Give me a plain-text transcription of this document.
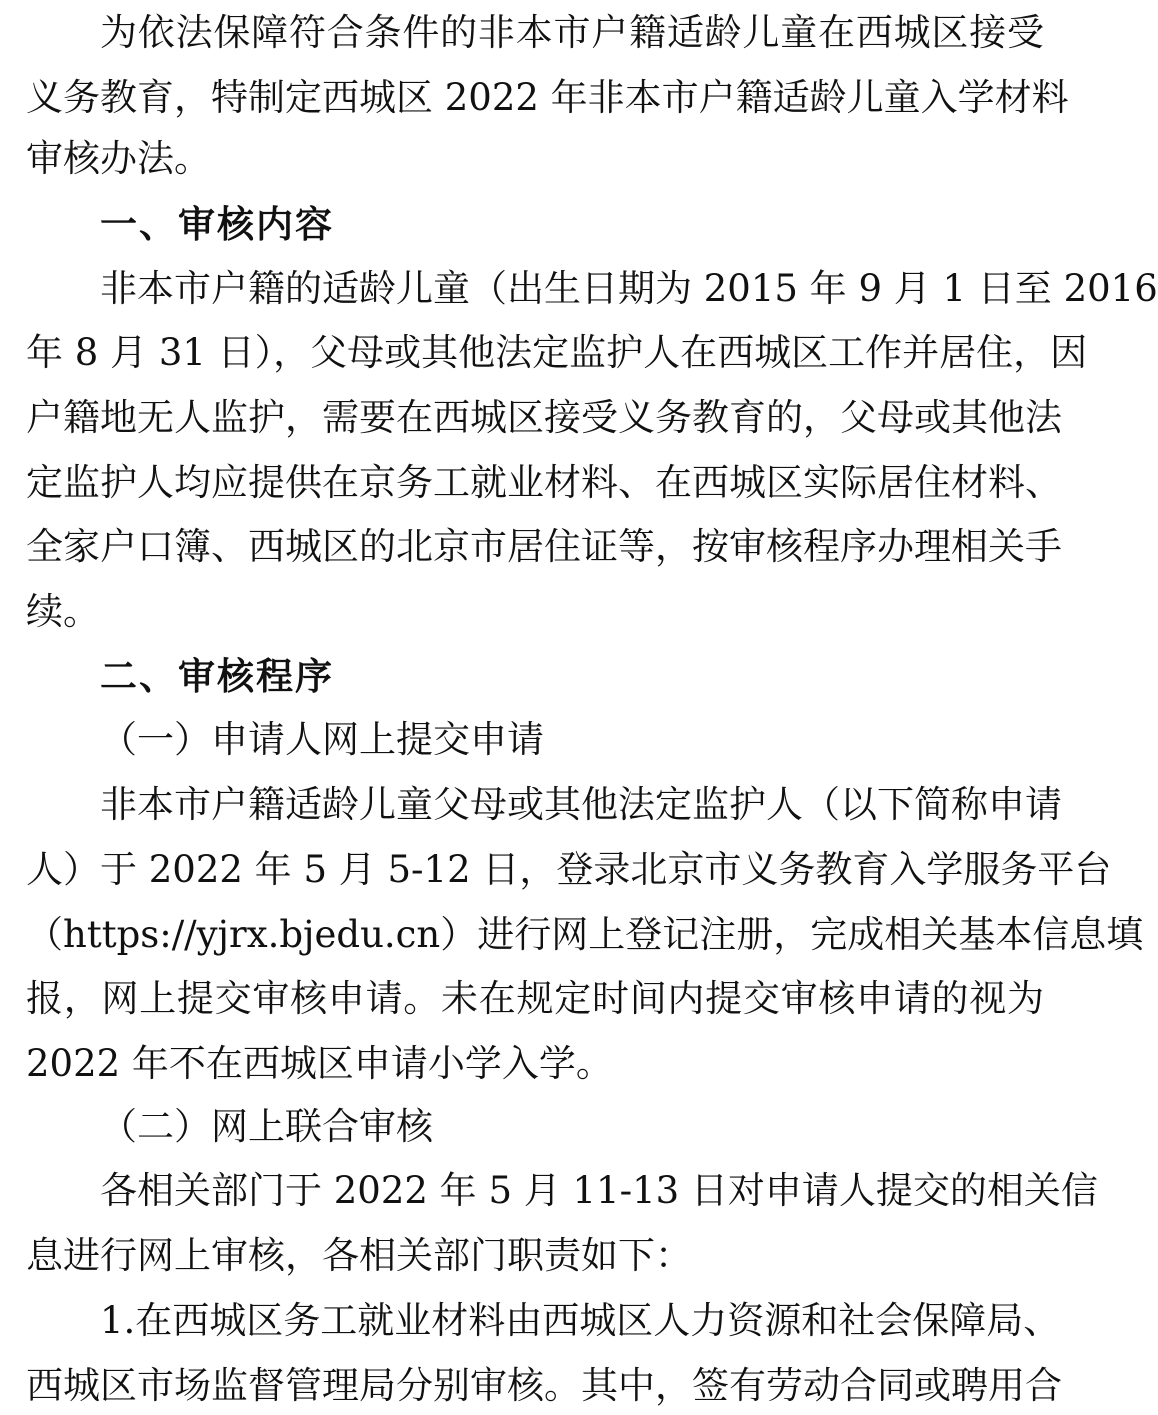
为依法保障符合条件的非本市户籍适龄儿童在西城区接受
义务教育，特制定西城区 2022 年非本市户籍适龄儿童入学材料
审核办法。
一、审核内容
非本市户籍的适龄儿童（出生日期为 2015 年 9 月 1 日至 2016
年 8 月 31 日），父母或其他法定监护人在西城区工作并居住，因
户籍地无人监护，需要在西城区接受义务教育的，父母或其他法
定监护人均应提供在京务工就业材料、在西城区实际居住材料、
全家户口簿、西城区的北京市居住证等，按审核程序办理相关手
续。
二、审核程序
（一）申请人网上提交申请
非本市户籍适龄儿童父母或其他法定监护人（以下简称申请
人）于 2022 年 5 月 5-12 日，登录北京市义务教育入学服务平台
（https://yjrx.bjedu.cn）进行网上登记注册，完成相关基本信息填
报，网上提交审核申请。未在规定时间内提交审核申请的视为
2022 年不在西城区申请小学入学。
（二）网上联合审核
各相关部门于 2022 年 5 月 11-13 日对申请人提交的相关信
息进行网上审核，各相关部门职责如下：
1.在西城区务工就业材料由西城区人力资源和社会保障局、
西城区市场监督管理局分别审核。其中，签有劳动合同或聘用合
